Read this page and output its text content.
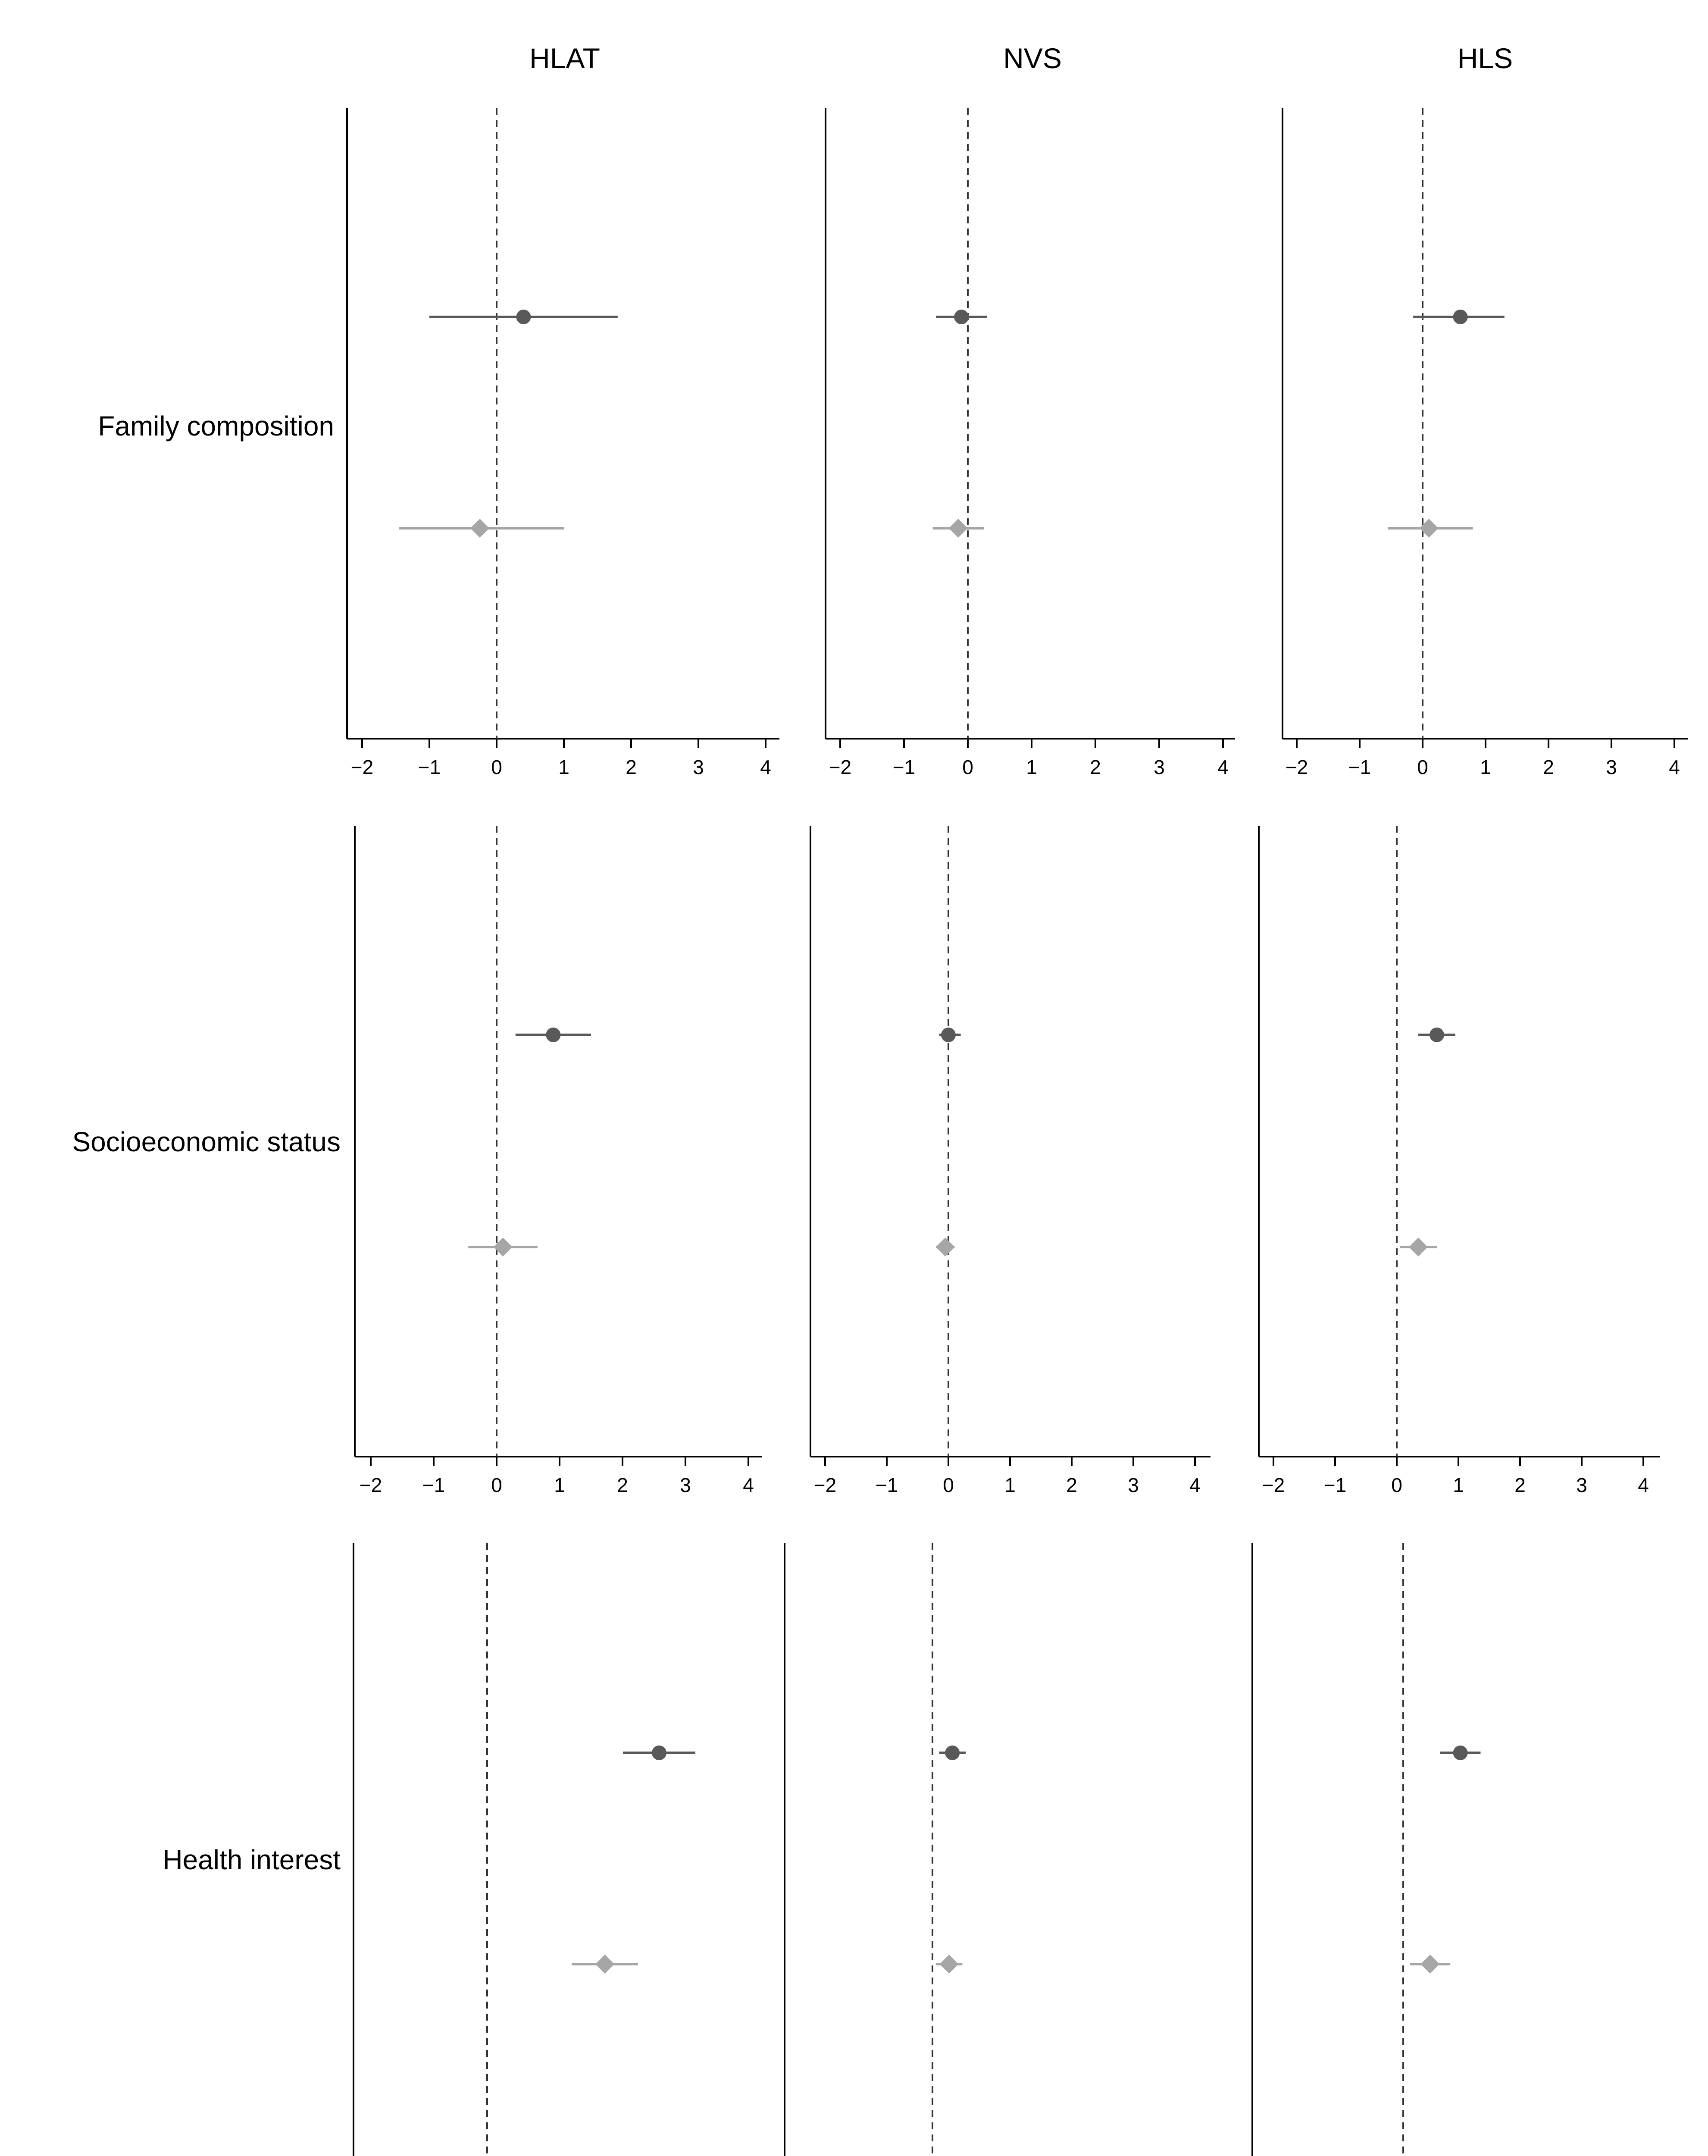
HLAT	NVS	HLS
Family composition
Socioeconomic status
Health interest
−2 −1	0	1	2	3	4	−2 −1 0	1	2	3	4	−2 −1 0	1	2	3	4
−2 −1 0	1	2	3	4	−2 −1 0	1	2	3	4	−2 −1 0	1	2	3	4
